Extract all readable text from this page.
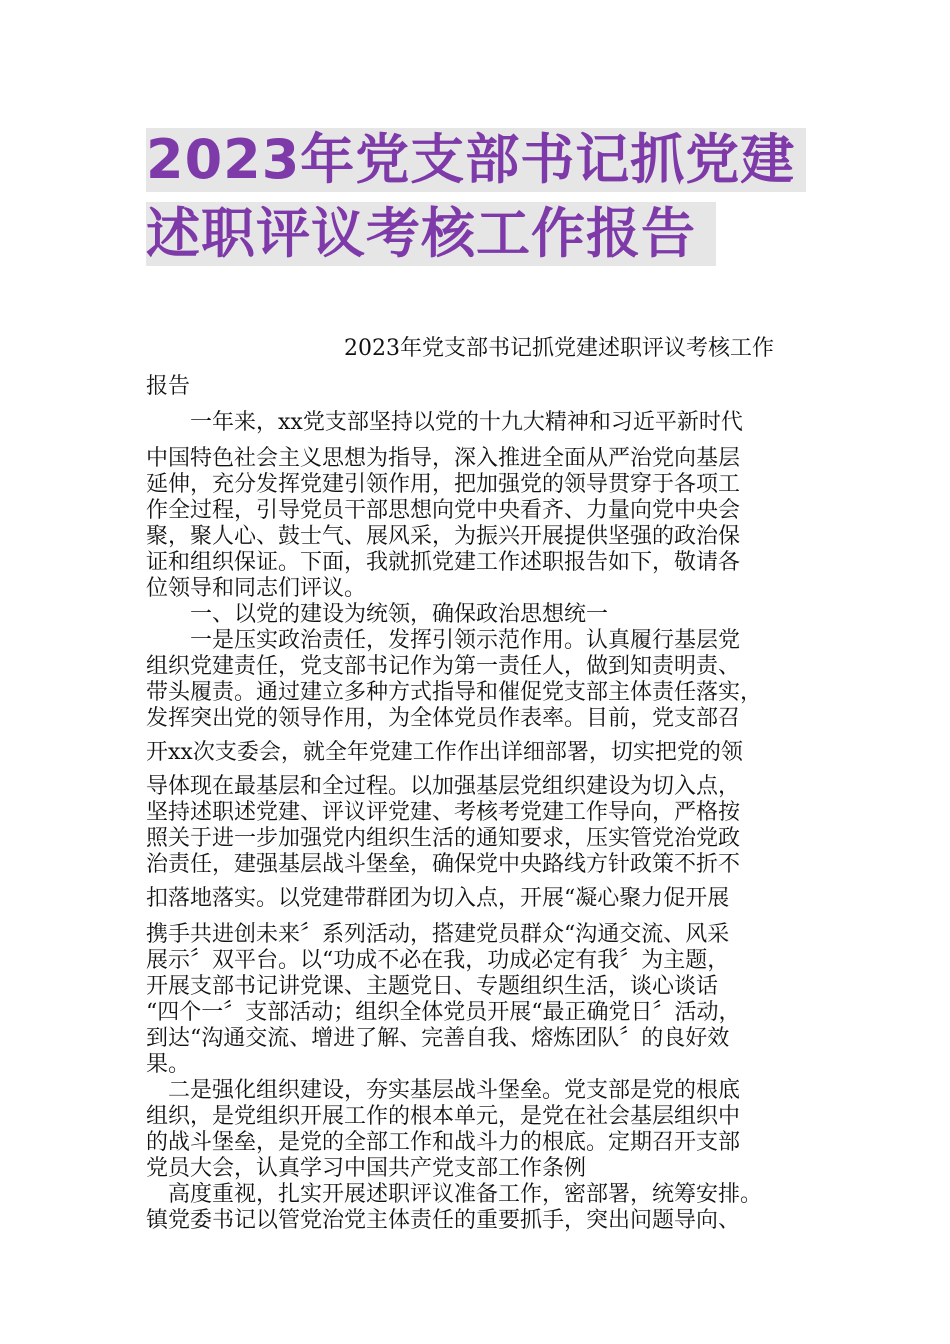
2023年党支部书记抓党建
述职评议考核工作报告
2023年党支部书记抓党建述职评议考核工作
报告
　　一年来，xx党支部坚持以党的十九大精神和习近平新时代
中国特色社会主义思想为指导，深入推进全面从严治党向基层
延伸，充分发挥党建引领作用，把加强党的领导贯穿于各项工
作全过程，引导党员干部思想向党中央看齐、力量向党中央会
聚，聚人心、鼓士气、展风采，为振兴开展提供坚强的政治保
证和组织保证。下面，我就抓党建工作述职报告如下，敬请各
位领导和同志们评议。
　　一、以党的建设为统领，确保政治思想统一
　　一是压实政治责任，发挥引领示范作用。认真履行基层党
组织党建责任，党支部书记作为第一责任人，做到知责明责、
带头履责。通过建立多种方式指导和催促党支部主体责任落实，
发挥突出党的领导作用，为全体党员作表率。目前，党支部召
开xx次支委会，就全年党建工作作出详细部署，切实把党的领
导体现在最基层和全过程。以加强基层党组织建设为切入点，
坚持述职述党建、评议评党建、考核考党建工作导向，严格按
照关于进一步加强党内组织生活的通知要求，压实管党治党政
治责任，建强基层战斗堡垒，确保党中央路线方针政策不折不
扣落地落实。以党建带群团为切入点，开展“凝心聚力促开展
携手共进创未来〞系列活动，搭建党员群众“沟通交流、风采
展示〞双平台。以“功成不必在我，功成必定有我〞为主题，
开展支部书记讲党课、主题党日、专题组织生活，谈心谈话
“四个一〞支部活动；组织全体党员开展“最正确党日〞活动，
到达“沟通交流、增进了解、完善自我、熔炼团队〞的良好效
果。
　二是强化组织建设，夯实基层战斗堡垒。党支部是党的根底
组织，是党组织开展工作的根本单元，是党在社会基层组织中
的战斗堡垒，是党的全部工作和战斗力的根底。定期召开支部
党员大会，认真学习中国共产党支部工作条例
　高度重视，扎实开展述职评议准备工作，密部署，统筹安排。
镇党委书记以管党治党主体责任的重要抓手，突出问题导向、
